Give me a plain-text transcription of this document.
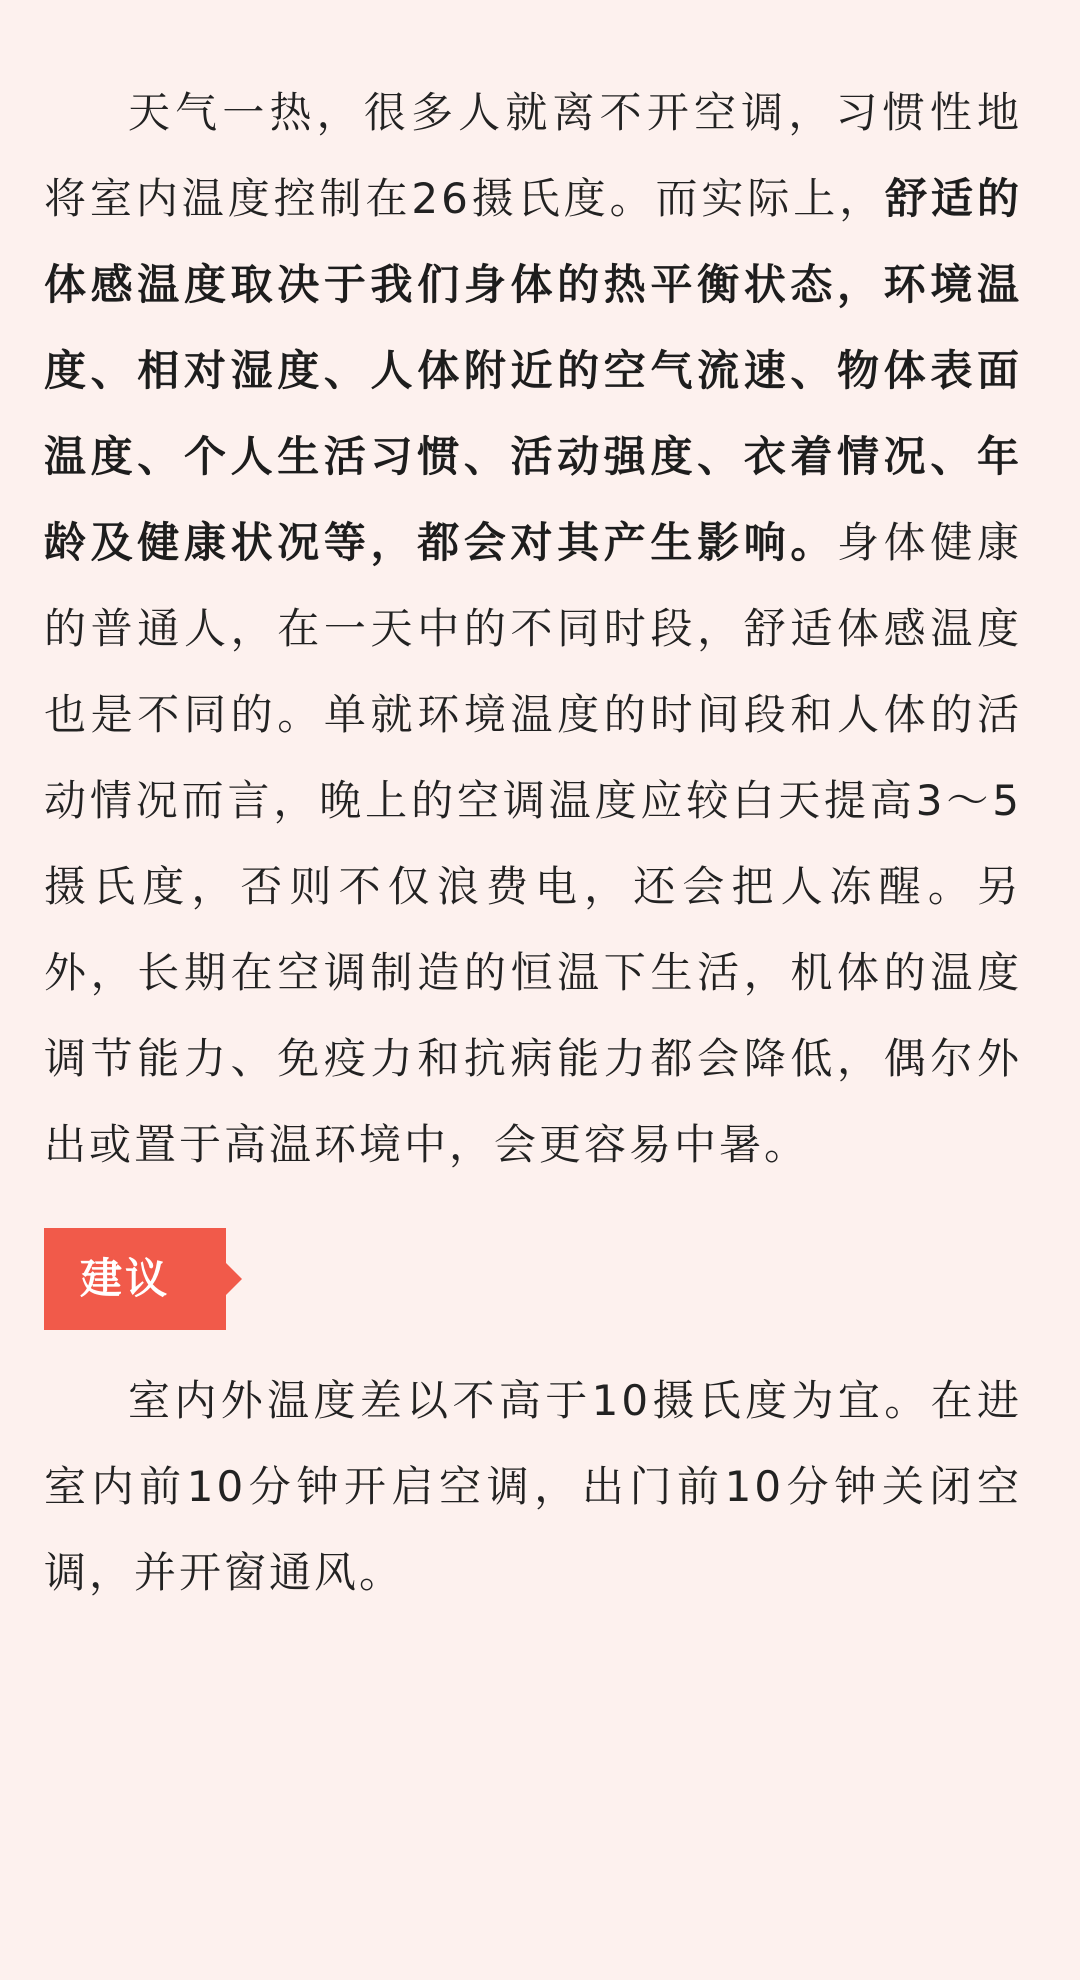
天气一热，很多人就离不开空调，习惯性地将室内温度控制在26摄氏度。而实际上，舒适的体感温度取决于我们身体的热平衡状态，环境温度、相对湿度、人体附近的空气流速、物体表面温度、个人生活习惯、活动强度、衣着情况、年龄及健康状况等，都会对其产生影响。身体健康的普通人，在一天中的不同时段，舒适体感温度也是不同的。单就环境温度的时间段和人体的活动情况而言，晚上的空调温度应较白天提高3～5摄氏度，否则不仅浪费电，还会把人冻醒。另外，长期在空调制造的恒温下生活，机体的温度调节能力、免疫力和抗病能力都会降低，偶尔外出或置于高温环境中，会更容易中暑。

建议

室内外温度差以不高于10摄氏度为宜。在进室内前10分钟开启空调，出门前10分钟关闭空调，并开窗通风。
